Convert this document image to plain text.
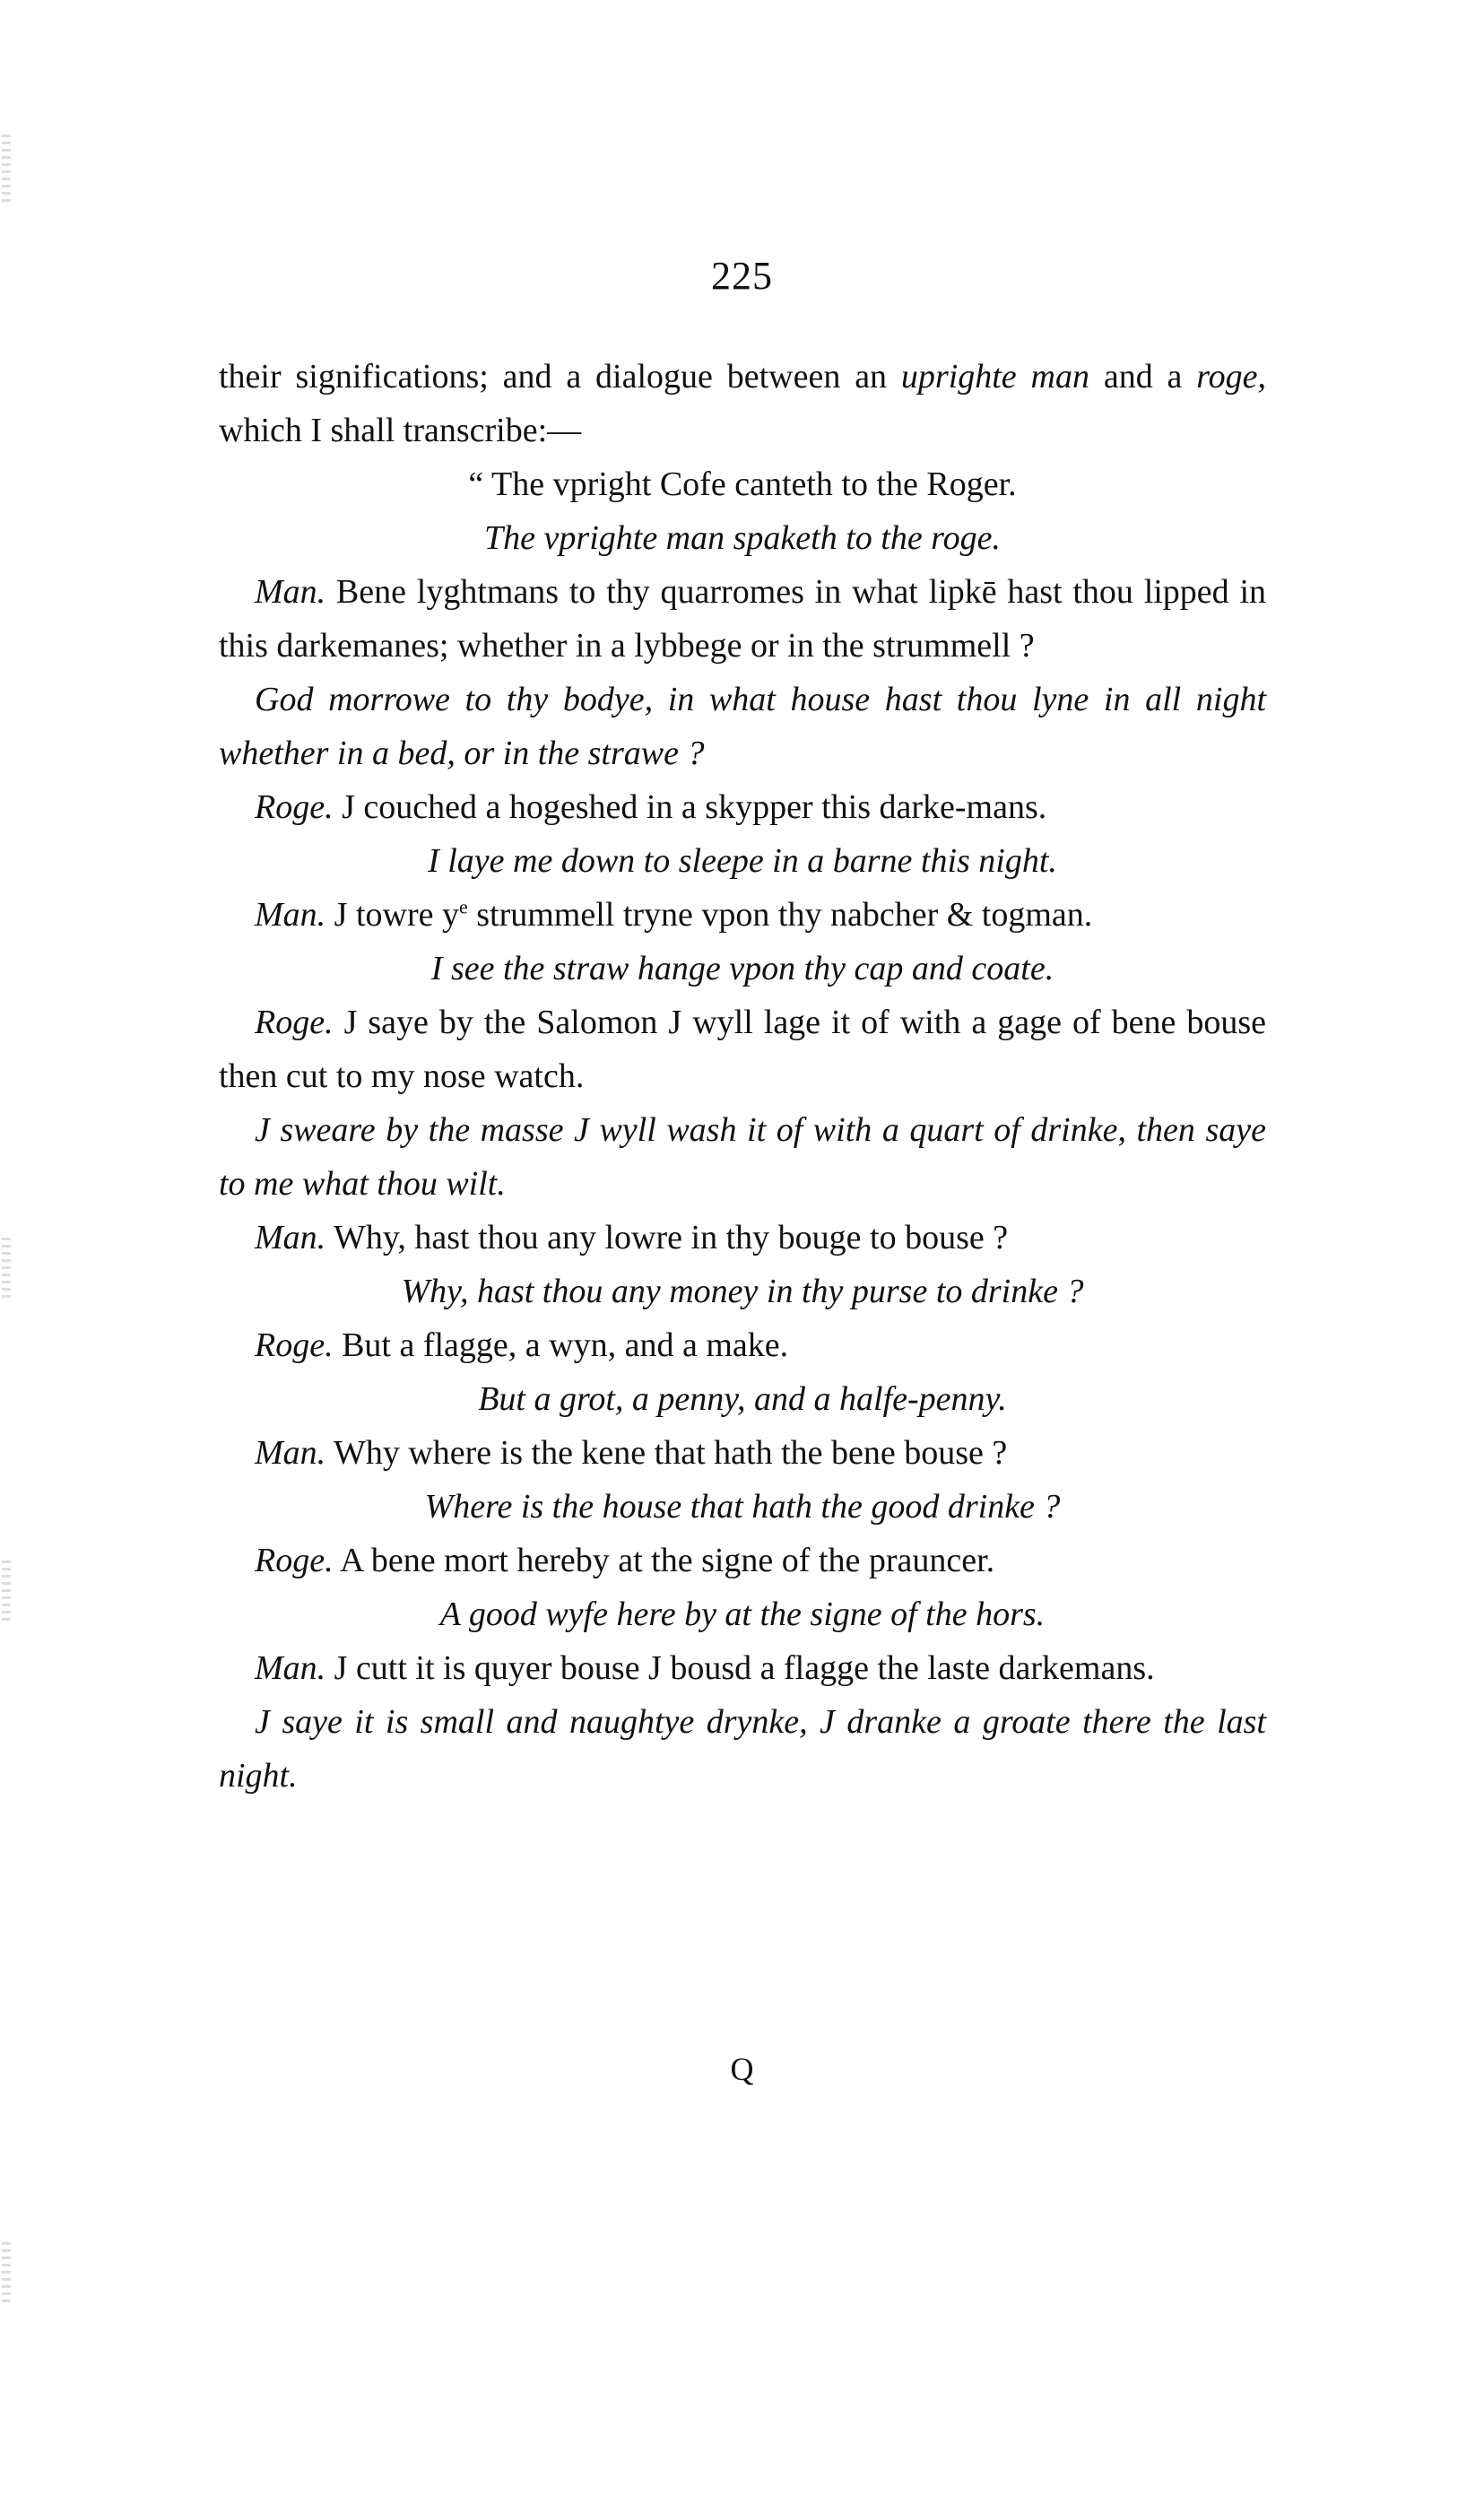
225

their significations; and a dialogue between an uprighte man and a roge, which I shall transcribe:—

“ The vpright Cofe canteth to the Roger.

The vprighte man spaketh to the roge.

Man. Bene lyghtmans to thy quarromes in what lipkē hast thou lipped in this darkemanes; whether in a lybbege or in the strummell ?

God morrowe to thy bodye, in what house hast thou lyne in all night whether in a bed, or in the strawe ?

Roge. J couched a hogeshed in a skypper this darke-mans.

I laye me down to sleepe in a barne this night.

Man. J towre $y^e$ strummell tryne vpon thy nabcher & togman.

I see the straw hange vpon thy cap and coate.

Roge. J saye by the Salomon J wyll lage it of with a gage of bene bouse then cut to my nose watch.

J sweare by the masse J wyll wash it of with a quart of drinke, then saye to me what thou wilt.

Man. Why, hast thou any lowre in thy bouge to bouse ?

Why, hast thou any money in thy purse to drinke ?

Roge. But a flagge, a wyn, and a make.

But a grot, a penny, and a halfe-penny.

Man. Why where is the kene that hath the bene bouse ?

Where is the house that hath the good drinke ?

Roge. A bene mort hereby at the signe of the prauncer.

A good wyfe here by at the signe of the hors.

Man. J cutt it is quyer bouse J bousd a flagge the laste darkemans.

J saye it is small and naughtye drynke, J dranke a groate there the last night.

Q
